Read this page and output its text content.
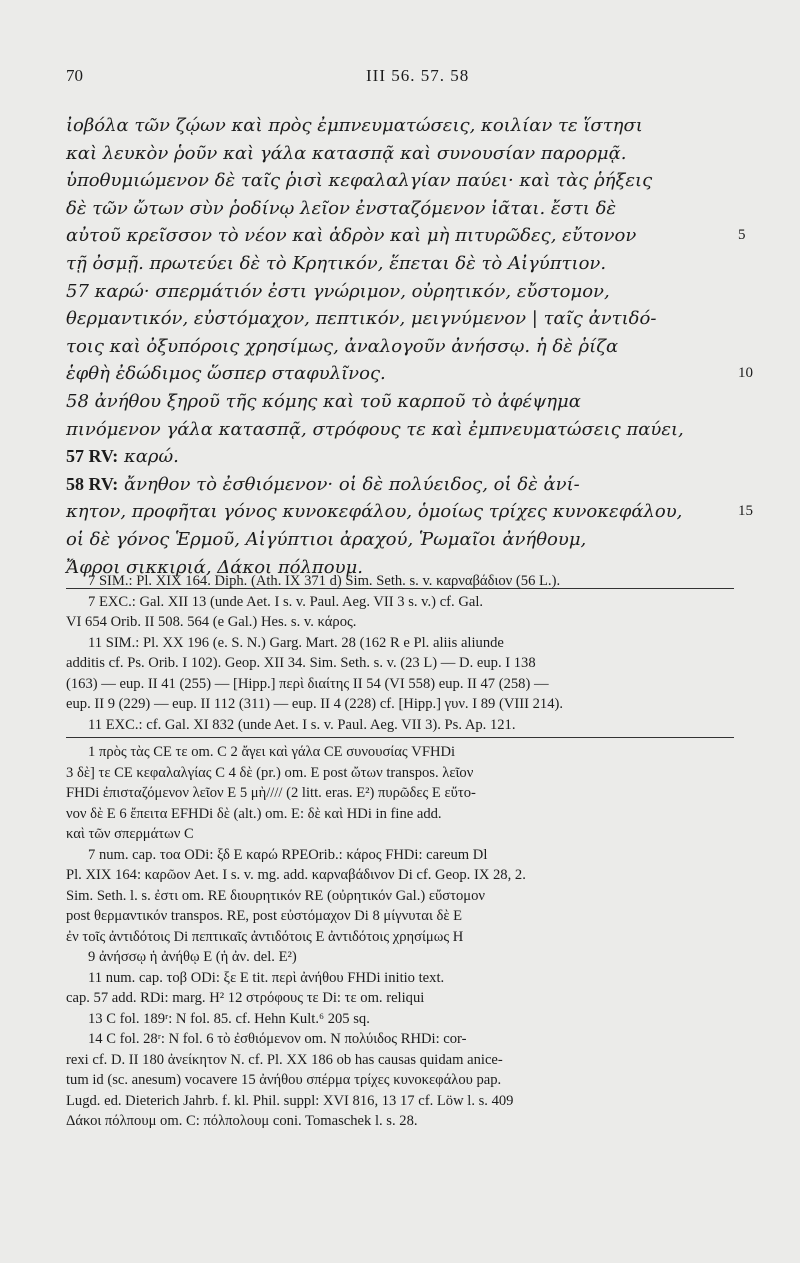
70	III 56. 57. 58
ἰοβόλα τῶν ζῴων καὶ πρὸς ἐμπνευματώσεις, κοιλίαν τε ἵστησι
καὶ λευκὸν ῥοῦν καὶ γάλα κατασπᾷ καὶ συνουσίαν παρορμᾷ.
ὑποθυμιώμενον δὲ ταῖς ῥισὶ κεφαλαλγίαν παύει· καὶ τὰς ῥήξεις
δὲ τῶν ὤτων σὺν ῥοδίνῳ λεῖον ἐνσταζόμενον ἰᾶται. ἔστι δὲ
αὐτοῦ κρεῖσσον τὸ νέον καὶ ἁδρὸν καὶ μὴ πιτυρῶδες, εὔτονον	5
τῇ ὀσμῇ. πρωτεύει δὲ τὸ Κρητικόν, ἕπεται δὲ τὸ Αἰγύπτιον.
57 καρώ· σπερμάτιόν ἐστι γνώριμον, οὐρητικόν, εὔστομον,
θερμαντικόν, εὐστόμαχον, πεπτικόν, μειγνύμενον | ταῖς ἀντιδό-
τοις καὶ ὀξυπόροις χρησίμως, ἀναλογοῦν ἀνήσσῳ. ἡ δὲ ῥίζα
ἑφθὴ ἐδώδιμος ὥσπερ σταφυλῖνος.	10
58 ἀνήθου ξηροῦ τῆς κόμης καὶ τοῦ καρποῦ τὸ ἀφέψημα
πινόμενον γάλα κατασπᾷ, στρόφους τε καὶ ἐμπνευματώσεις παύει,
57 RV: καρώ.
58 RV: ἄνηθον τὸ ἐσθιόμενον· οἱ δὲ πολύειδος, οἱ δὲ ἀνί-
κητον, προφῆται γόνος κυνοκεφάλου, ὁμοίως τρίχες κυνοκεφάλου,	15
οἱ δὲ γόνος Ἑρμοῦ, Αἰγύπτιοι ἀραχού, Ῥωμαῖοι ἀνήθουμ,
Ἄφροι σικκιριά, Δάκοι πόλπουμ.
7 SIM.: Pl. XIX 164. Diph. (Ath. IX 371 d) Sim. Seth. s. v. καρναβάδιον (56 L.).
7 EXC.: Gal. XII 13 (unde Aet. I s. v. Paul. Aeg. VII 3 s. v.) cf. Gal.
VI 654 Orib. II 508. 564 (e Gal.) Hes. s. v. κάρος.
11 SIM.: Pl. XX 196 (e. S. N.) Garg. Mart. 28 (162 R e Pl. aliis aliunde
additis cf. Ps. Orib. I 102). Geop. XII 34. Sim. Seth. s. v. (23 L) — D. eup. I 138
(163) — eup. II 41 (255) — [Hipp.] περὶ διαίτης II 54 (VI 558) eup. II 47 (258) —
eup. II 9 (229) — eup. II 112 (311) — eup. II 4 (228) cf. [Hipp.] γυν. I 89 (VIII 214).
11 EXC.: cf. Gal. XI 832 (unde Aet. I s. v. Paul. Aeg. VII 3). Ps. Ap. 121.
1 πρὸς τὰς CE τε om. C 2 ἄγει καὶ γάλα CE συνουσίας VFHDi
3 δὲ] τε CE κεφαλαλγίας C 4 δὲ (pr.) om. E post ὤτων transpos. λεῖον
FHDi ἐπισταζόμενον λεῖον E 5 μὴ//// (2 litt. eras. E²) πυρῶδες E εὔτο-
νον δὲ E 6 ἔπειτα EFHDi δὲ (alt.) om. E: δὲ καὶ HDi in fine add.
καὶ τῶν σπερμάτων C
7 num. cap. τοα ODi: ξδ E καρώ RPEOrib.: κάρος FHDi: careum Dl
Pl. XIX 164: καρῶον Aet. I s. v. mg. add. καρναβάδινον Di cf. Geop. IX 28, 2.
Sim. Seth. l. s. ἐστι om. RE διουρητικόν RE (οὐρητικόν Gal.) εὔστομον
post θερμαντικόν transpos. RE, post εὐστόμαχον Di 8 μίγνυται δὲ E
ἐν τοῖς ἀντιδότοις Di πεπτικαῖς ἀντιδότοις E ἀντιδότοις χρησίμως H
9 ἀνήσσῳ ἡ ἀνήθῳ E (ἡ ἀν. del. E²)
11 num. cap. τοβ ODi: ξε E tit. περὶ ἀνήθου FHDi initio text.
cap. 57 add. RDi: marg. H² 12 στρόφους τε Di: τε om. reliqui
13 C fol. 189ʳ: N fol. 85. cf. Hehn Kult.⁶ 205 sq.
14 C fol. 28ʳ: N fol. 6 τὸ ἐσθιόμενον om. N πολύιδος RHDi: cor-
rexi cf. D. II 180 ἀνείκητον N. cf. Pl. XX 186 ob has causas quidam anice-
tum id (sc. anesum) vocavere 15 ἀνήθου σπέρμα τρίχες κυνοκεφάλου pap.
Lugd. ed. Dieterich Jahrb. f. kl. Phil. suppl: XVI 816, 13 17 cf. Löw l. s. 409
Δάκοι πόλπουμ om. C: πόλπολουμ coni. Tomaschek l. s. 28.
